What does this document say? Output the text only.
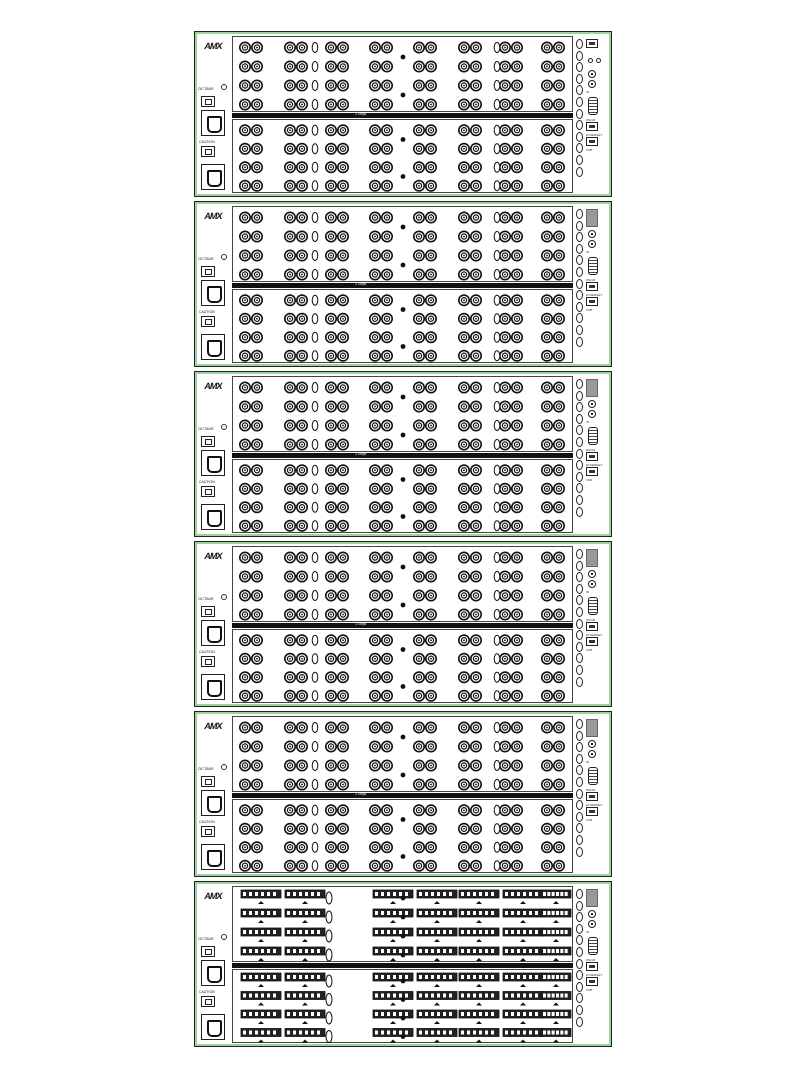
AMX
OCTAVE
CAUTION
1 Gbps
IR
RS232
ETHERNET
USB
AMX
OCTAVE
CAUTION
1 Gbps
IR
RS232
ETHERNET
USB
AMX
OCTAVE
CAUTION
1 Gbps
IR
RS232
ETHERNET
USB
AMX
OCTAVE
CAUTION
1 Gbps
IR
RS232
ETHERNET
USB
AMX
OCTAVE
CAUTION
1 Gbps
IR
RS232
ETHERNET
USB
AMX
OCTAVE
CAUTION
IR
RS232
ETHERNET
USB
